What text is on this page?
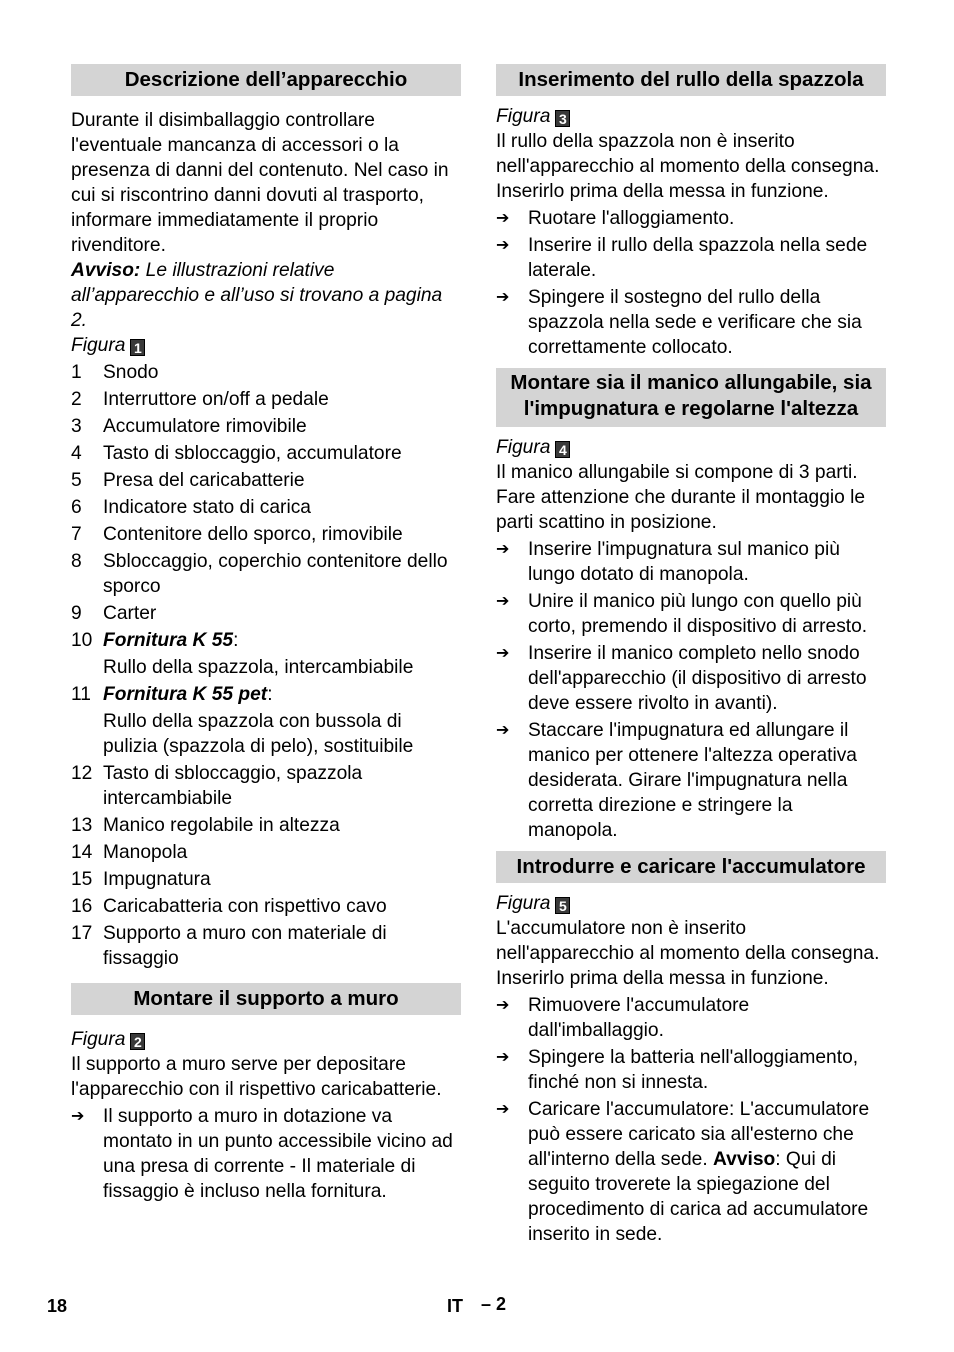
Descrizione dell’apparecchio

Durante il disimballaggio controllare l'eventuale mancanza di accessori o la presenza di danni del contenuto. Nel caso in cui si riscontrino danni dovuti al trasporto, informare immediatamente il proprio rivenditore.

Avviso: Le illustrazioni relative all’apparecchio e all’uso si trovano a pagina 2.

Figura 1

1	Snodo
2	Interruttore on/off a pedale
3	Accumulatore rimovibile
4	Tasto di sbloccaggio, accumulatore
5	Presa del caricabatterie
6	Indicatore stato di carica
7	Contenitore dello sporco, rimovibile
8	Sbloccaggio, coperchio contenitore dello sporco
9	Carter
10 Fornitura K 55:
Rullo della spazzola, intercambiabile
11 Fornitura K 55 pet:
Rullo della spazzola con bussola di pulizia (spazzola di pelo), sostituibile
12 Tasto di sbloccaggio, spazzola intercambiabile
13 Manico regolabile in altezza
14 Manopola
15 Impugnatura
16 Caricabatteria con rispettivo cavo
17 Supporto a muro con materiale di fissaggio
Montare il supporto a muro

Figura 2

Il supporto a muro serve per depositare l'apparecchio con il rispettivo caricabatterie.

➔ Il supporto a muro in dotazione va montato in un punto accessibile vicino ad una presa di corrente - Il materiale di fissaggio è incluso nella fornitura.
Inserimento del rullo della spazzola

Figura 3

Il rullo della spazzola non è inserito nell'apparecchio al momento della consegna. Inserirlo prima della messa in funzione.

➔ Ruotare l'alloggiamento.
➔ Inserire il rullo della spazzola nella sede laterale.
➔ Spingere il sostegno del rullo della spazzola nella sede e verificare che sia correttamente collocato.
Montare sia il manico allungabile, sia l'impugnatura e regolarne l'altezza

Figura 4

Il manico allungabile si compone di 3 parti. Fare attenzione che durante il montaggio le parti scattino in posizione.

➔ Inserire l'impugnatura sul manico più lungo dotato di manopola.
➔ Unire il manico più lungo con quello più corto, premendo il dispositivo di arresto.
➔ Inserire il manico completo nello snodo dell'apparecchio (il dispositivo di arresto deve essere rivolto in avanti).
➔ Staccare l'impugnatura ed allungare il manico per ottenere l'altezza operativa desiderata. Girare l'impugnatura nella corretta direzione e stringere la manopola.
Introdurre e caricare l'accumulatore

Figura 5

L'accumulatore non è inserito nell'apparecchio al momento della consegna. Inserirlo prima della messa in funzione.

➔ Rimuovere l'accumulatore dall'imballaggio.
➔ Spingere la batteria nell'alloggiamento, finché non si innesta.
➔ Caricare l'accumulatore: L'accumulatore può essere caricato sia all'esterno che all'interno della sede. Avviso: Qui di seguito troverete la spiegazione del procedimento di carica ad accumulatore inserito in sede.
18	IT – 2
